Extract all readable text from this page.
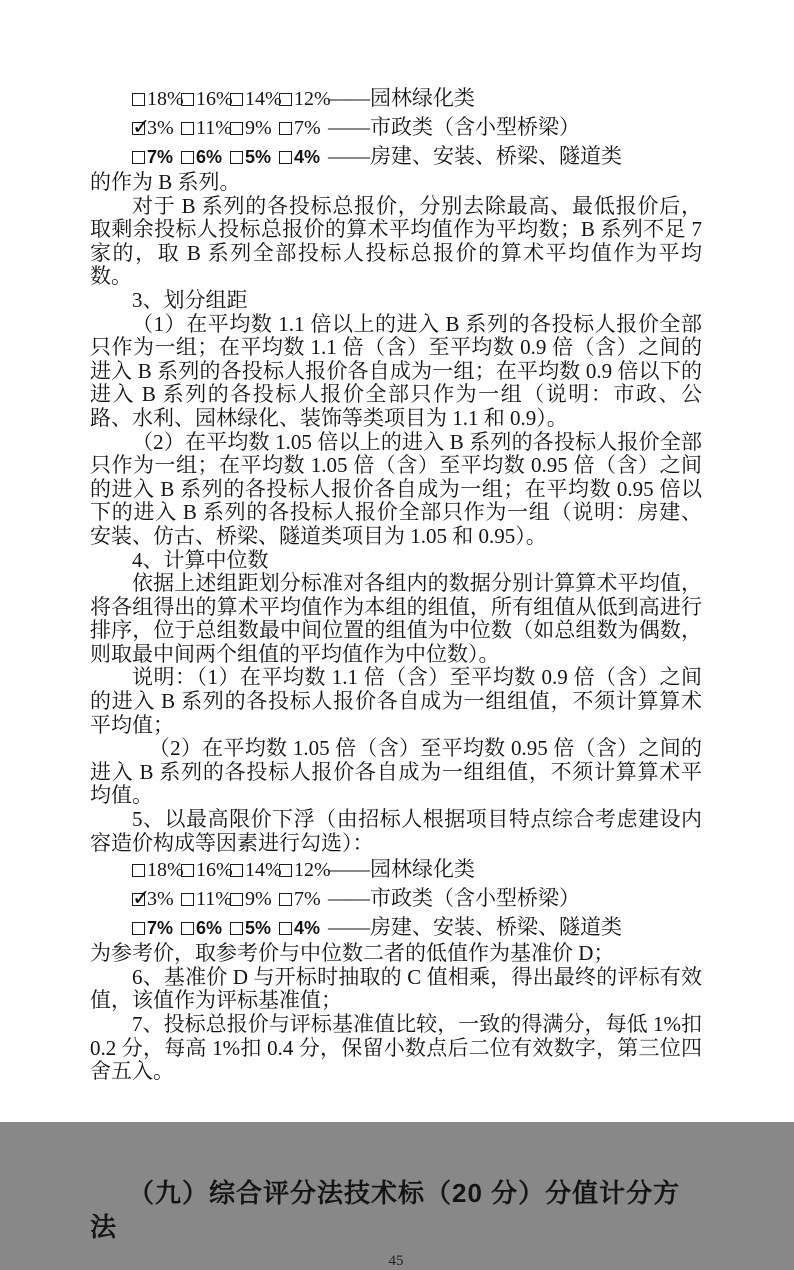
18% 16% 14% 12%——园林绿化类
✓3% 11% 9% 7% ——市政类（含小型桥梁）
7% 6% 5% 4% ——房建、安装、桥梁、隧道类

的作为 B 系列。

对于 B 系列的各投标总报价，分别去除最高、最低报价后，取剩余投标人投标总报价的算术平均值作为平均数；B 系列不足 7 家的，取 B 系列全部投标人投标总报价的算术平均值作为平均数。

3、划分组距

（1）在平均数 1.1 倍以上的进入 B 系列的各投标人报价全部只作为一组；在平均数 1.1 倍（含）至平均数 0.9 倍（含）之间的进入 B 系列的各投标人报价各自成为一组；在平均数 0.9 倍以下的进入 B 系列的各投标人报价全部只作为一组（说明：市政、公路、水利、园林绿化、装饰等类项目为 1.1 和 0.9）。

（2）在平均数 1.05 倍以上的进入 B 系列的各投标人报价全部只作为一组；在平均数 1.05 倍（含）至平均数 0.95 倍（含）之间的进入 B 系列的各投标人报价各自成为一组；在平均数 0.95 倍以下的进入 B 系列的各投标人报价全部只作为一组（说明：房建、安装、仿古、桥梁、隧道类项目为 1.05 和 0.95）。

4、计算中位数

依据上述组距划分标准对各组内的数据分别计算算术平均值，将各组得出的算术平均值作为本组的组值，所有组值从低到高进行排序，位于总组数最中间位置的组值为中位数（如总组数为偶数，则取最中间两个组值的平均值作为中位数）。

说明：（1）在平均数 1.1 倍（含）至平均数 0.9 倍（含）之间的进入 B 系列的各投标人报价各自成为一组组值，不须计算算术平均值；

（2）在平均数 1.05 倍（含）至平均数 0.95 倍（含）之间的进入 B 系列的各投标人报价各自成为一组组值，不须计算算术平均值。

5、以最高限价下浮（由招标人根据项目特点综合考虑建设内容造价构成等因素进行勾选）：

18% 16% 14% 12%——园林绿化类
✓3% 11% 9% 7% ——市政类（含小型桥梁）
7% 6% 5% 4% ——房建、安装、桥梁、隧道类

为参考价，取参考价与中位数二者的低值作为基准价 D；

6、基准价 D 与开标时抽取的 C 值相乘，得出最终的评标有效值，该值作为评标基准值；

7、投标总报价与评标基准值比较，一致的得满分，每低 1%扣 0.2 分，每高 1%扣 0.4 分，保留小数点后二位有效数字，第三位四舍五入。

（九）综合评分法技术标（20 分）分值计分方法
45
